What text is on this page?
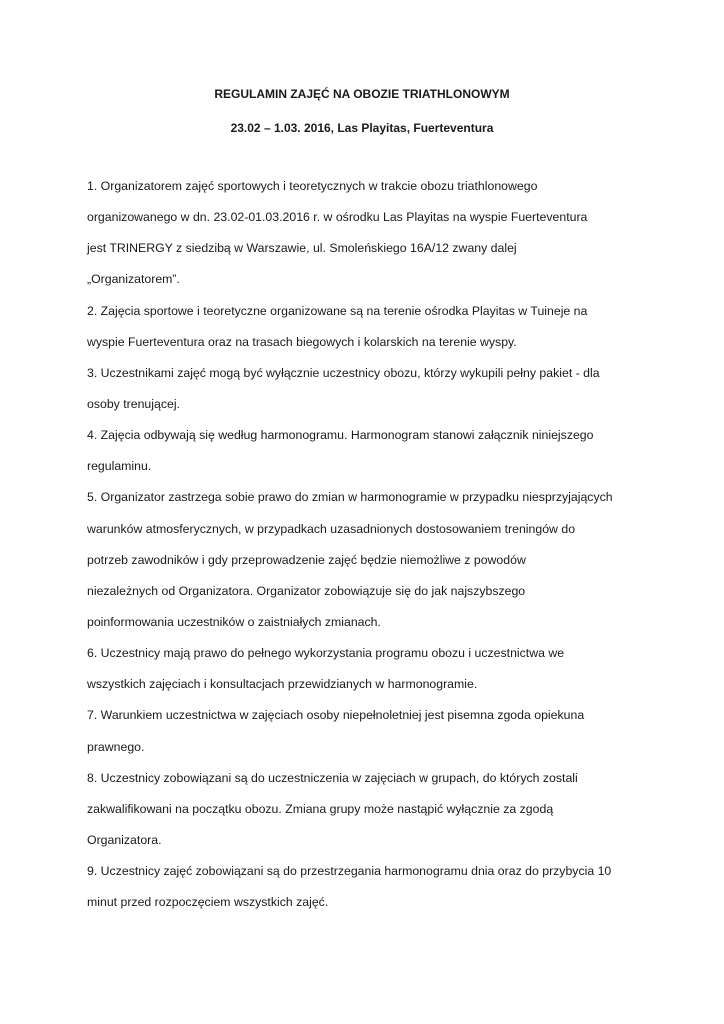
REGULAMIN ZAJĘĆ NA OBOZIE TRIATHLONOWYM
23.02 – 1.03. 2016, Las Playitas, Fuerteventura
1. Organizatorem zajęć sportowych i teoretycznych w trakcie obozu triathlonowego
organizowanego w dn. 23.02-01.03.2016 r. w ośrodku Las Playitas na wyspie Fuerteventura
jest TRINERGY z siedzibą w Warszawie, ul. Smoleńskiego 16A/12 zwany dalej
„Organizatorem”.
2. Zajęcia sportowe i teoretyczne organizowane są na terenie ośrodka Playitas w Tuineje na
wyspie Fuerteventura oraz na trasach biegowych i kolarskich na terenie wyspy.
3. Uczestnikami zajęć mogą być wyłącznie uczestnicy obozu, którzy wykupili pełny pakiet - dla
osoby trenującej.
4. Zajęcia odbywają się według harmonogramu. Harmonogram stanowi załącznik niniejszego
regulaminu.
5. Organizator zastrzega sobie prawo do zmian w harmonogramie w przypadku niesprzyjających
warunków atmosferycznych, w przypadkach uzasadnionych dostosowaniem treningów do
potrzeb zawodników i gdy przeprowadzenie zajęć będzie niemożliwe z powodów
niezależnych od Organizatora. Organizator zobowiązuje się do jak najszybszego
poinformowania uczestników o zaistniałych zmianach.
6. Uczestnicy mają prawo do pełnego wykorzystania programu obozu i uczestnictwa we
wszystkich zajęciach i konsultacjach przewidzianych w harmonogramie.
7. Warunkiem uczestnictwa w zajęciach osoby niepełnoletniej jest pisemna zgoda opiekuna
prawnego.
8. Uczestnicy zobowiązani są do uczestniczenia w zajęciach w grupach, do których zostali
zakwalifikowani na początku obozu. Zmiana grupy może nastąpić wyłącznie za zgodą
Organizatora.
9. Uczestnicy zajęć zobowiązani są do przestrzegania harmonogramu dnia oraz do przybycia 10
minut przed rozpoczęciem wszystkich zajęć.
